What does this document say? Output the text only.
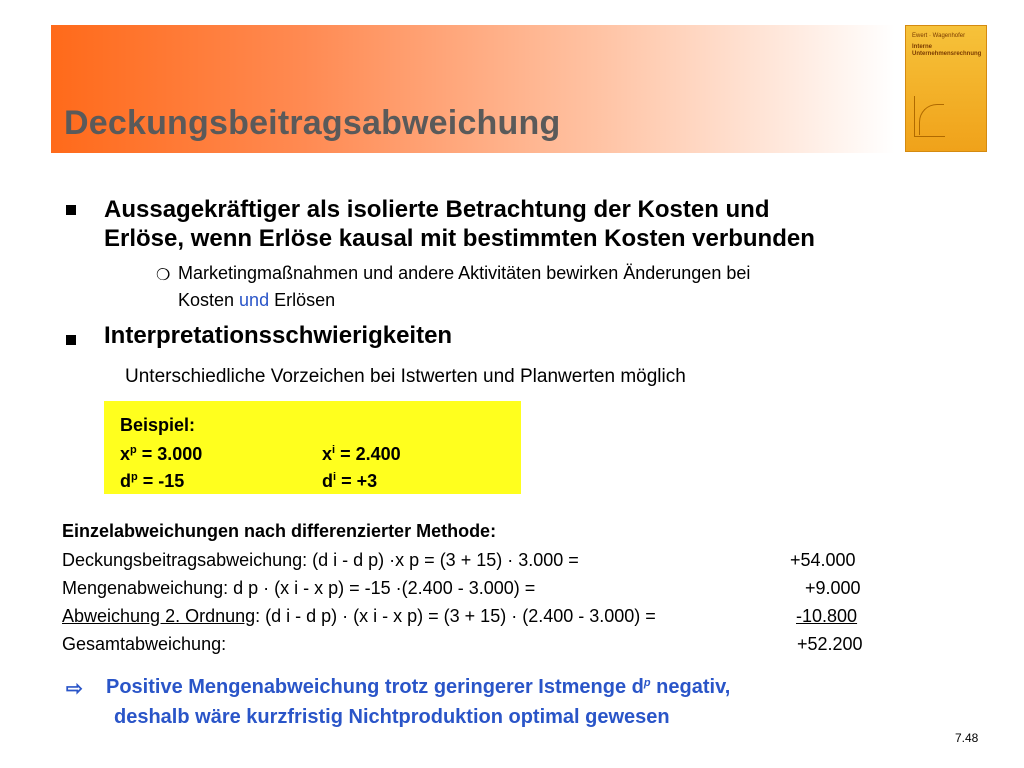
Deckungsbeitragsabweichung
Ewert · Wagenhofer
Interne
Unternehmensrechnung
Aussagekräftiger als isolierte Betrachtung der Kosten und
Erlöse, wenn Erlöse kausal mit bestimmten Kosten verbunden
❍ Marketingmaßnahmen und andere Aktivitäten bewirken Änderungen bei
Kosten und Erlösen
Interpretationsschwierigkeiten
Unterschiedliche Vorzeichen bei Istwerten und Planwerten möglich
Beispiel:
$x^p = 3.000$	$x^i = 2.400$
$d^p = -15$	$d^i = +3$
Einzelabweichungen nach differenzierter Methode:
Deckungsbeitragsabweichung: (d i - d p) ·x p = (3 + 15) · 3.000 =	+54.000
Mengenabweichung: d p · (x i - x p) = -15 ·(2.400 - 3.000) =	+9.000
Abweichung 2. Ordnung: (d i - d p) · (x i - x p) = (3 + 15) · (2.400 - 3.000) =	-10.800
Gesamtabweichung:	+52.200
⇨ Positive Mengenabweichung trotz geringerer Istmenge $d^p$ negativ,
deshalb wäre kurzfristig Nichtproduktion optimal gewesen
7.48
